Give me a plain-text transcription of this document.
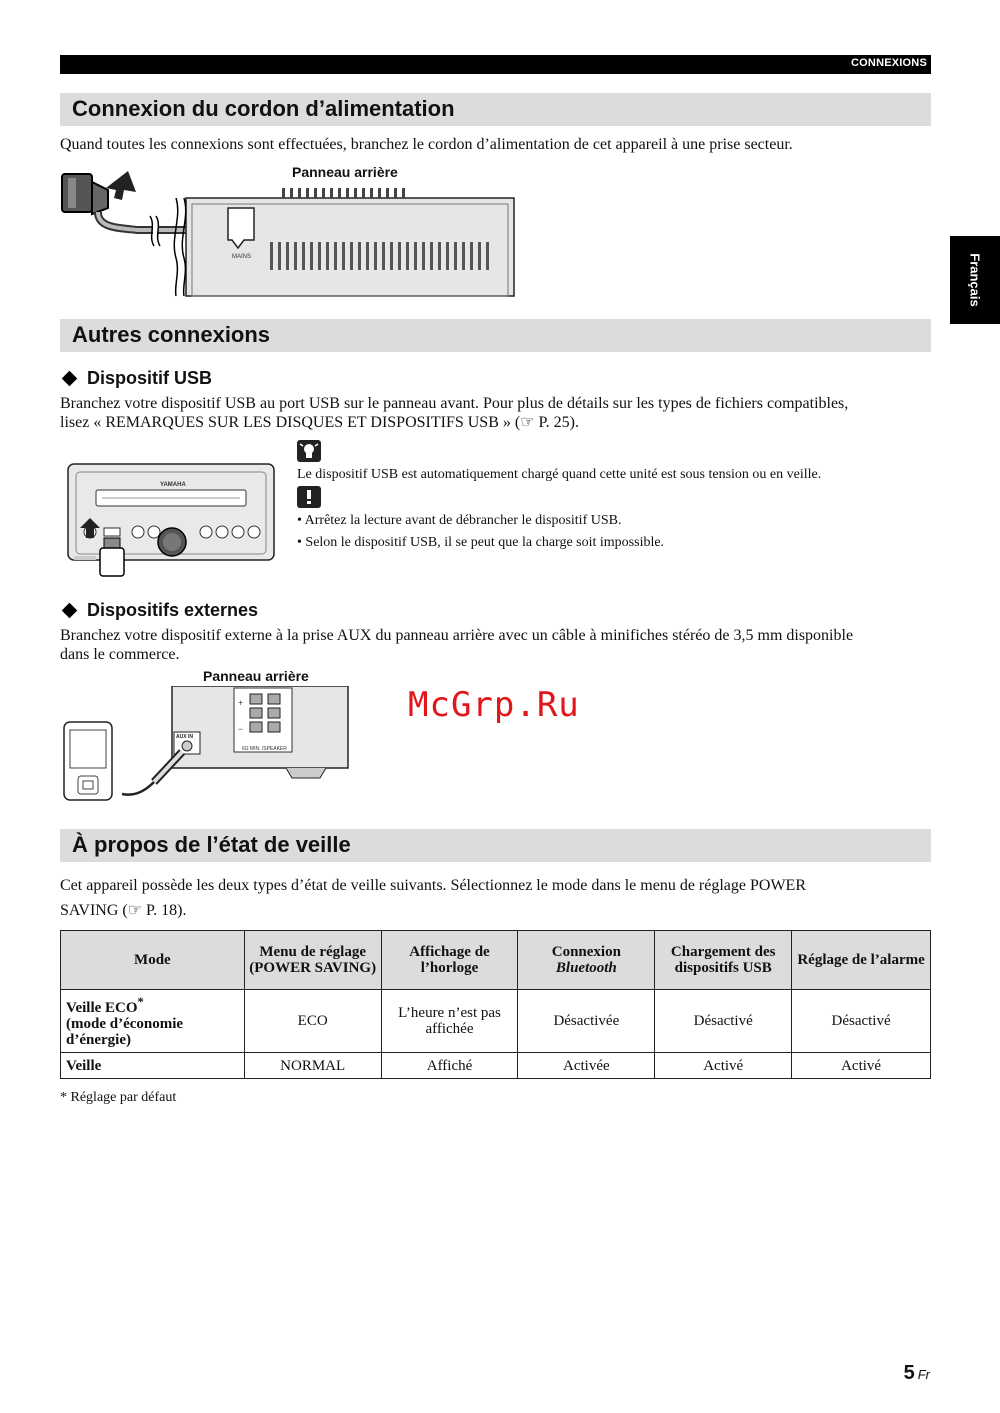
CONNEXIONS
Français
Connexion du cordon d’alimentation
Quand toutes les connexions sont effectuées, branchez le cordon d’alimentation de cet appareil à une prise secteur.
Panneau arrière
MAINS
Autres connexions
Dispositif USB
Branchez votre dispositif USB au port USB sur le panneau avant. Pour plus de détails sur les types de fichiers compatibles,
lisez « REMARQUES SUR LES DISQUES ET DISPOSITIFS USB » (☞ P. 25).
Le dispositif USB est automatiquement chargé quand cette unité est sous tension ou en veille.
• Arrêtez la lecture avant de débrancher le dispositif USB.
• Selon le dispositif USB, il se peut que la charge soit impossible.
YAMAHA
Dispositifs externes
Branchez votre dispositif externe à la prise AUX du panneau arrière avec un câble à minifiches stéréo de 3,5 mm disponible
dans le commerce.
Panneau arrière
+
−
6Ω MIN. /SPEAKER
AUX IN
McGrp.Ru
À propos de l’état de veille
Cet appareil possède les deux types d’état de veille suivants. Sélectionnez le mode dans le menu de réglage POWER
SAVING (☞ P. 18).
Mode	Menu de réglage (POWER SAVING)	Affichage de l’horloge	Connexion
Bluetooth	Chargement des dispositifs USB	Réglage de l’alarme
Veille ECO*
(mode d’économie
d’énergie)	ECO	L’heure n’est pas affichée	Désactivée	Désactivé	Désactivé
Veille	NORMAL	Affiché	Activée	Activé	Activé
* Réglage par défaut
5 Fr
